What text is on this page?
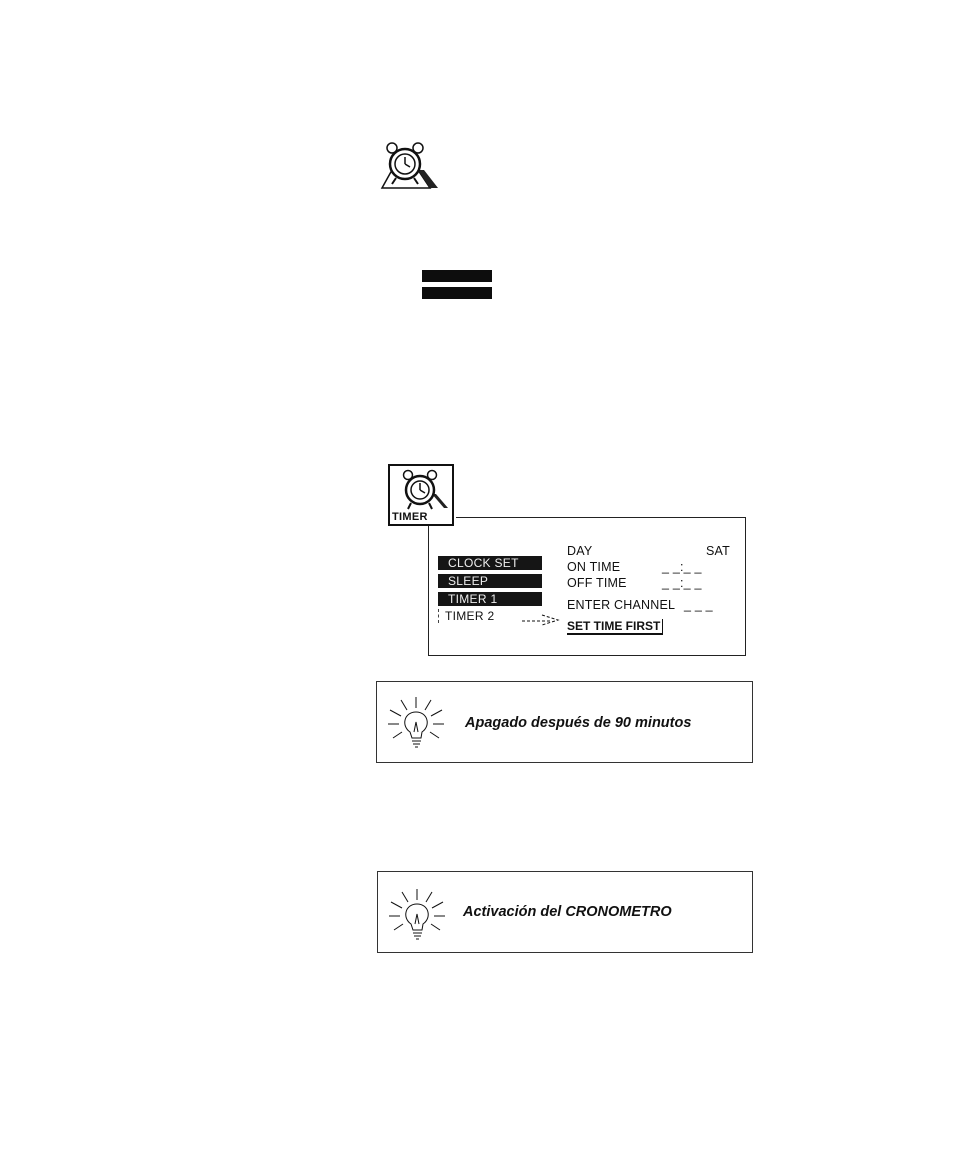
TIMER
CLOCK SET
SLEEP
TIMER 1
TIMER 2
DAY	SAT
ON TIME	_ _:_ _
OFF TIME	_ _:_ _
ENTER CHANNEL _ _ _
SET TIME FIRST
Apagado después de 90 minutos
Activación del CRONOMETRO
